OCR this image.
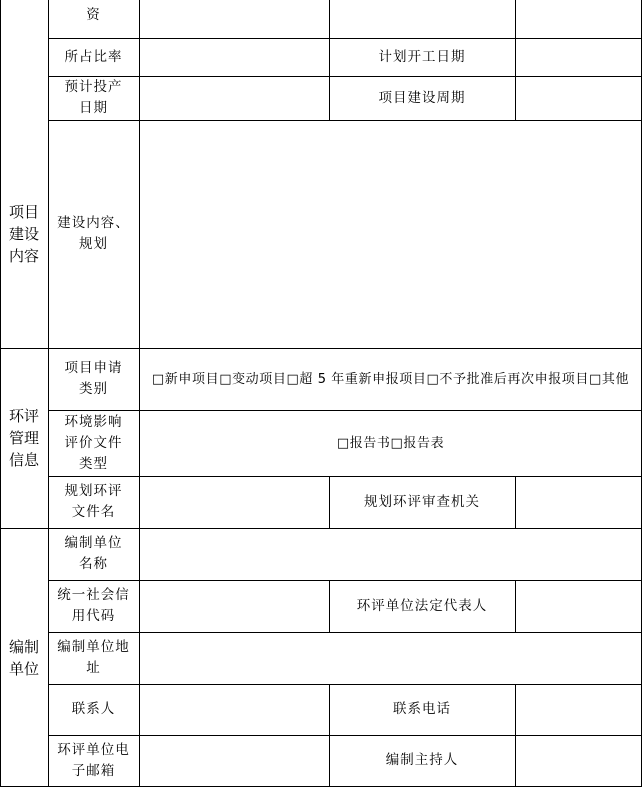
项目
建设
内容
环评
管理
信息
编制
单位
资
所占比率	计划开工日期
预计投产
日期
项目建设周期
建设内容、
规划
项目申请
类别
□新申项目□变动项目□超 5 年重新申报项目□不予批准后再次申报项目□其他
环境影响
评价文件
类型
□报告书□报告表
规划环评
文件名
规划环评审查机关
编制单位
名称
统一社会信
用代码
环评单位法定代表人
编制单位地
址
联系人	联系电话
环评单位电
子邮箱
编制主持人
